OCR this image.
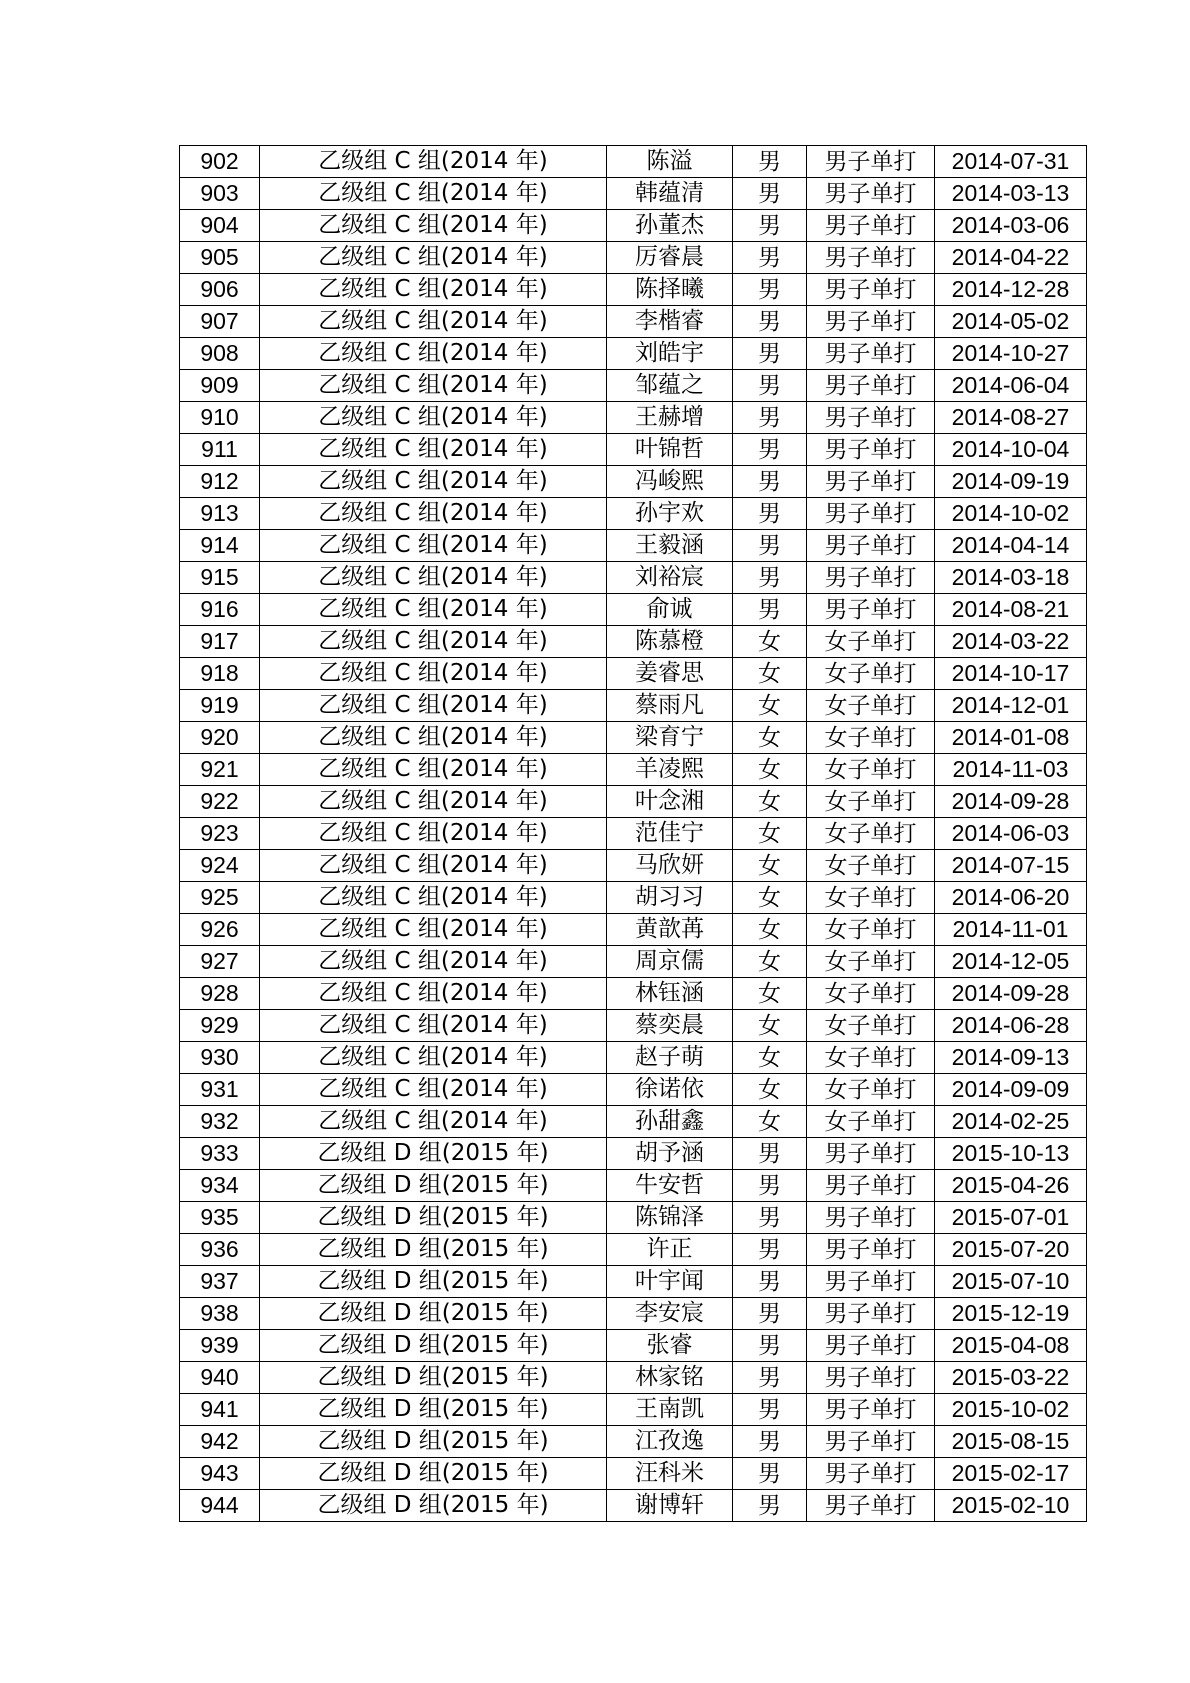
902	乙级组 C 组(2014 年)	陈溢	男	男子单打	2014-07-31
903	乙级组 C 组(2014 年)	韩蕴清	男	男子单打	2014-03-13
904	乙级组 C 组(2014 年)	孙董杰	男	男子单打	2014-03-06
905	乙级组 C 组(2014 年)	厉睿晨	男	男子单打	2014-04-22
906	乙级组 C 组(2014 年)	陈择曦	男	男子单打	2014-12-28
907	乙级组 C 组(2014 年)	李楷睿	男	男子单打	2014-05-02
908	乙级组 C 组(2014 年)	刘皓宇	男	男子单打	2014-10-27
909	乙级组 C 组(2014 年)	邹蕴之	男	男子单打	2014-06-04
910	乙级组 C 组(2014 年)	王赫增	男	男子单打	2014-08-27
911	乙级组 C 组(2014 年)	叶锦哲	男	男子单打	2014-10-04
912	乙级组 C 组(2014 年)	冯峻熙	男	男子单打	2014-09-19
913	乙级组 C 组(2014 年)	孙宇欢	男	男子单打	2014-10-02
914	乙级组 C 组(2014 年)	王毅涵	男	男子单打	2014-04-14
915	乙级组 C 组(2014 年)	刘裕宸	男	男子单打	2014-03-18
916	乙级组 C 组(2014 年)	俞诚	男	男子单打	2014-08-21
917	乙级组 C 组(2014 年)	陈慕橙	女	女子单打	2014-03-22
918	乙级组 C 组(2014 年)	姜睿思	女	女子单打	2014-10-17
919	乙级组 C 组(2014 年)	蔡雨凡	女	女子单打	2014-12-01
920	乙级组 C 组(2014 年)	梁育宁	女	女子单打	2014-01-08
921	乙级组 C 组(2014 年)	羊凌熙	女	女子单打	2014-11-03
922	乙级组 C 组(2014 年)	叶念湘	女	女子单打	2014-09-28
923	乙级组 C 组(2014 年)	范佳宁	女	女子单打	2014-06-03
924	乙级组 C 组(2014 年)	马欣妍	女	女子单打	2014-07-15
925	乙级组 C 组(2014 年)	胡习习	女	女子单打	2014-06-20
926	乙级组 C 组(2014 年)	黄歆苒	女	女子单打	2014-11-01
927	乙级组 C 组(2014 年)	周京儒	女	女子单打	2014-12-05
928	乙级组 C 组(2014 年)	林钰涵	女	女子单打	2014-09-28
929	乙级组 C 组(2014 年)	蔡奕晨	女	女子单打	2014-06-28
930	乙级组 C 组(2014 年)	赵子萌	女	女子单打	2014-09-13
931	乙级组 C 组(2014 年)	徐诺依	女	女子单打	2014-09-09
932	乙级组 C 组(2014 年)	孙甜鑫	女	女子单打	2014-02-25
933	乙级组 D 组(2015 年)	胡予涵	男	男子单打	2015-10-13
934	乙级组 D 组(2015 年)	牛安哲	男	男子单打	2015-04-26
935	乙级组 D 组(2015 年)	陈锦泽	男	男子单打	2015-07-01
936	乙级组 D 组(2015 年)	许正	男	男子单打	2015-07-20
937	乙级组 D 组(2015 年)	叶宇闻	男	男子单打	2015-07-10
938	乙级组 D 组(2015 年)	李安宸	男	男子单打	2015-12-19
939	乙级组 D 组(2015 年)	张睿	男	男子单打	2015-04-08
940	乙级组 D 组(2015 年)	林家铭	男	男子单打	2015-03-22
941	乙级组 D 组(2015 年)	王南凯	男	男子单打	2015-10-02
942	乙级组 D 组(2015 年)	江孜逸	男	男子单打	2015-08-15
943	乙级组 D 组(2015 年)	汪科米	男	男子单打	2015-02-17
944	乙级组 D 组(2015 年)	谢博轩	男	男子单打	2015-02-10
